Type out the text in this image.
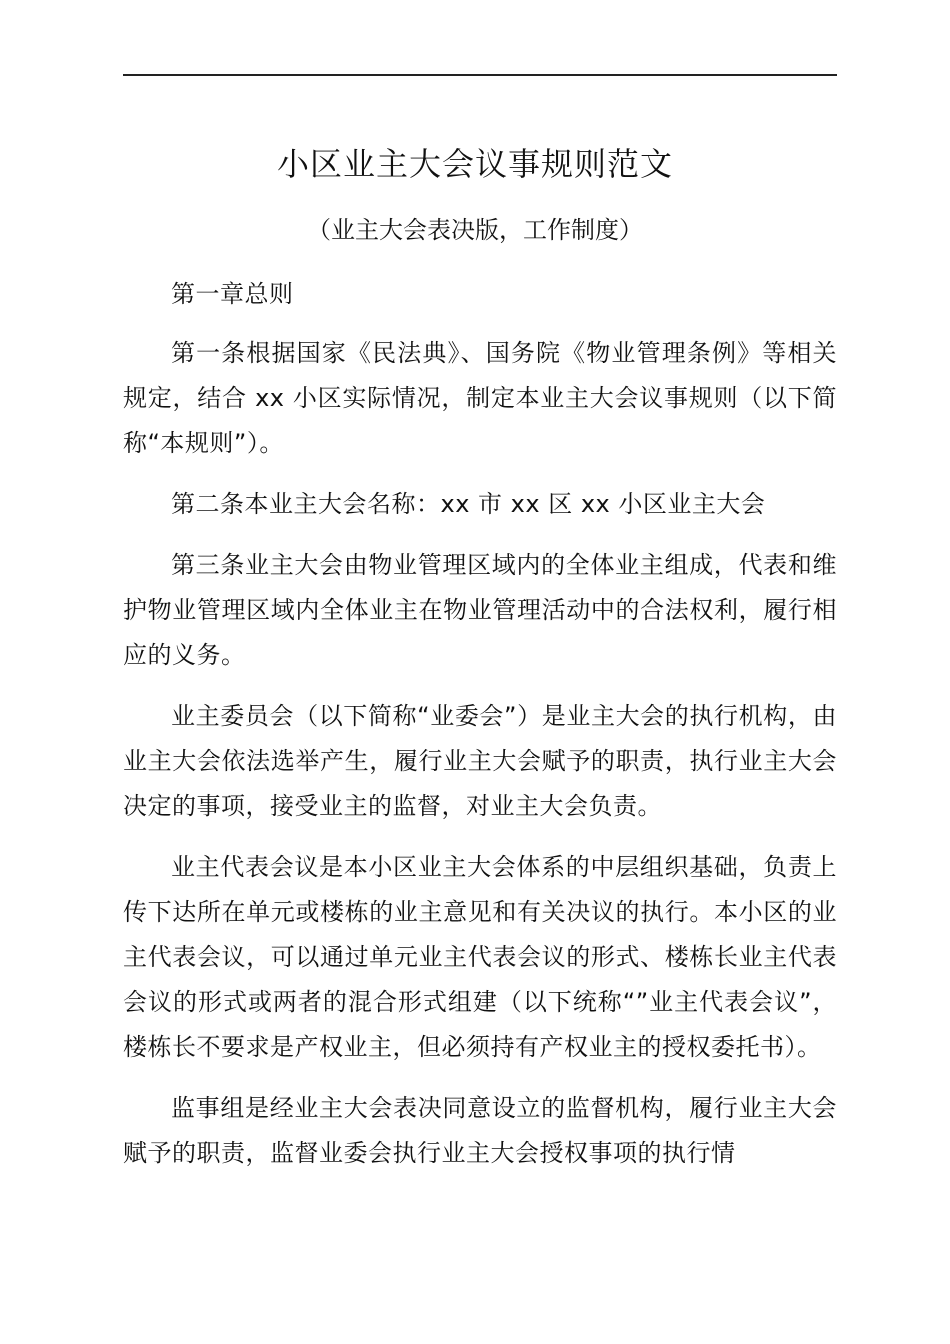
小区业主大会议事规则范文

（业主大会表决版，工作制度）

第一章总则

第一条根据国家《民法典》、国务院《物业管理条例》等相关规定，结合 xx 小区实际情况，制定本业主大会议事规则（以下简称“本规则”）。

第二条本业主大会名称：xx 市 xx 区 xx 小区业主大会

第三条业主大会由物业管理区域内的全体业主组成，代表和维护物业管理区域内全体业主在物业管理活动中的合法权利，履行相应的义务。

业主委员会（以下简称“业委会”）是业主大会的执行机构，由业主大会依法选举产生，履行业主大会赋予的职责，执行业主大会决定的事项，接受业主的监督，对业主大会负责。

业主代表会议是本小区业主大会体系的中层组织基础，负责上传下达所在单元或楼栋的业主意见和有关决议的执行。本小区的业主代表会议，可以通过单元业主代表会议的形式、楼栋长业主代表会议的形式或两者的混合形式组建（以下统称“”业主代表会议”，楼栋长不要求是产权业主，但必须持有产权业主的授权委托书）。

监事组是经业主大会表决同意设立的监督机构，履行业主大会赋予的职责，监督业委会执行业主大会授权事项的执行情
